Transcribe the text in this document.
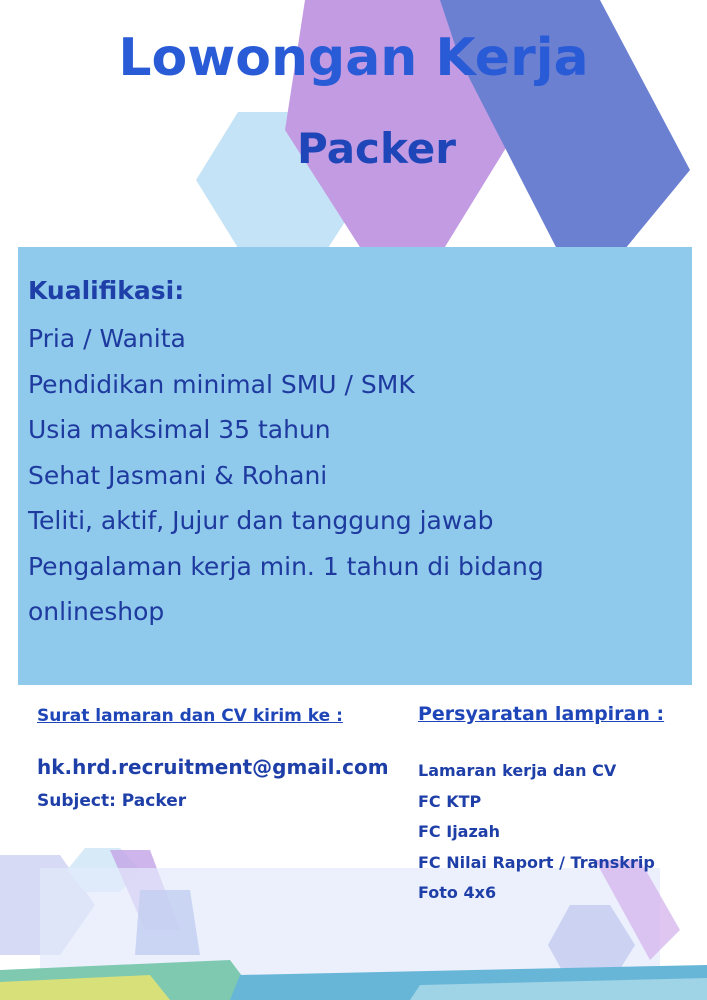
Lowongan Kerja
Packer
Kualifikasi:
Pria / Wanita
Pendidikan minimal SMU / SMK
Usia maksimal 35 tahun
Sehat Jasmani & Rohani
Teliti, aktif, Jujur dan tanggung jawab
Pengalaman kerja min. 1 tahun di bidang
onlineshop

Surat lamaran dan CV kirim ke :

hk.hrd.recruitment@gmail.com

Subject: Packer

Persyaratan lampiran :

Lamaran kerja dan CV
FC KTP
FC Ijazah
FC Nilai Raport / Transkrip
Foto 4x6
